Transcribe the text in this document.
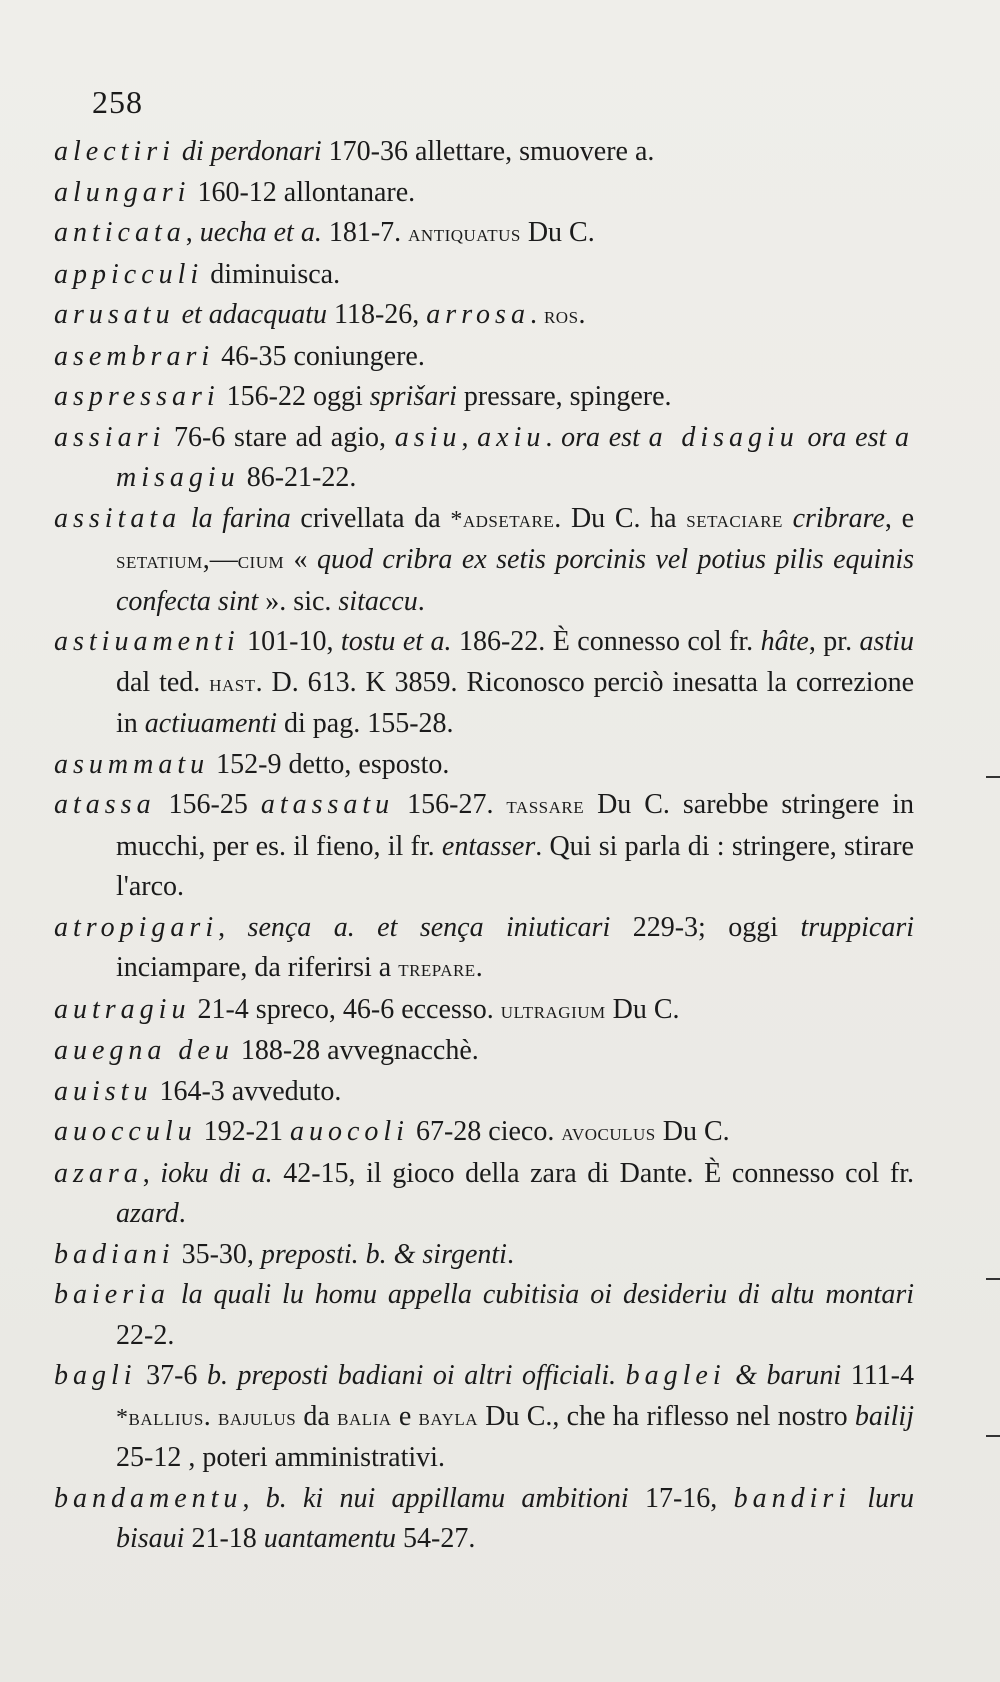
258
alectiri di perdonari 170-36 allettare, smuovere a.
alungari 160-12 allontanare.
anticata, uecha et a. 181-7. antiquatus Du C.
appicculi diminuisca.
arusatu et adacquatu 118-26, arrosa. ros.
asembrari 46-35 coniungere.
aspressari 156-22 oggi sprišari pressare, spingere.
assiari 76-6 stare ad agio, asiu, axiu. ora est a disagiu ora est a misagiu 86-21-22.
assitata la farina crivellata da *adsetare. Du C. ha setaciare cribrare, e setatium,—cium « quod cribra ex setis porcinis vel potius pilis equinis confecta sint ». sic. sitaccu.
astiuamenti 101-10, tostu et a. 186-22. È connesso col fr. hâte, pr. astiu dal ted. hast. D. 613. K 3859. Riconosco perciò inesatta la correzione in actiuamenti di pag. 155-28.
asummatu 152-9 detto, esposto.
atassa 156-25 atassatu 156-27. tassare Du C. sarebbe stringere in mucchi, per es. il fieno, il fr. entasser. Qui si parla di : stringere, stirare l'arco.
atropigari, sença a. et sença iniuticari 229-3; oggi truppicari inciampare, da riferirsi a trepare.
autragiu 21-4 spreco, 46-6 eccesso. ultragium Du C.
auegna deu 188-28 avvegnacchè.
auistu 164-3 avveduto.
auocculu 192-21 auocoli 67-28 cieco. avoculus Du C.
azara, ioku di a. 42-15, il gioco della zara di Dante. È connesso col fr. azard.
badiani 35-30, preposti. b. & sirgenti.
baieria la quali lu homu appella cubitisia oi desideriu di altu montari 22-2.
bagli 37-6 b. preposti badiani oi altri officiali. baglei & baruni 111-4 *ballius. bajulus da balia e bayla Du C., che ha riflesso nel nostro bailij 25-12 , poteri amministrativi.
bandamentu, b. ki nui appillamu ambitioni 17-16, bandiri luru bisaui 21-18 uantamentu 54-27.
